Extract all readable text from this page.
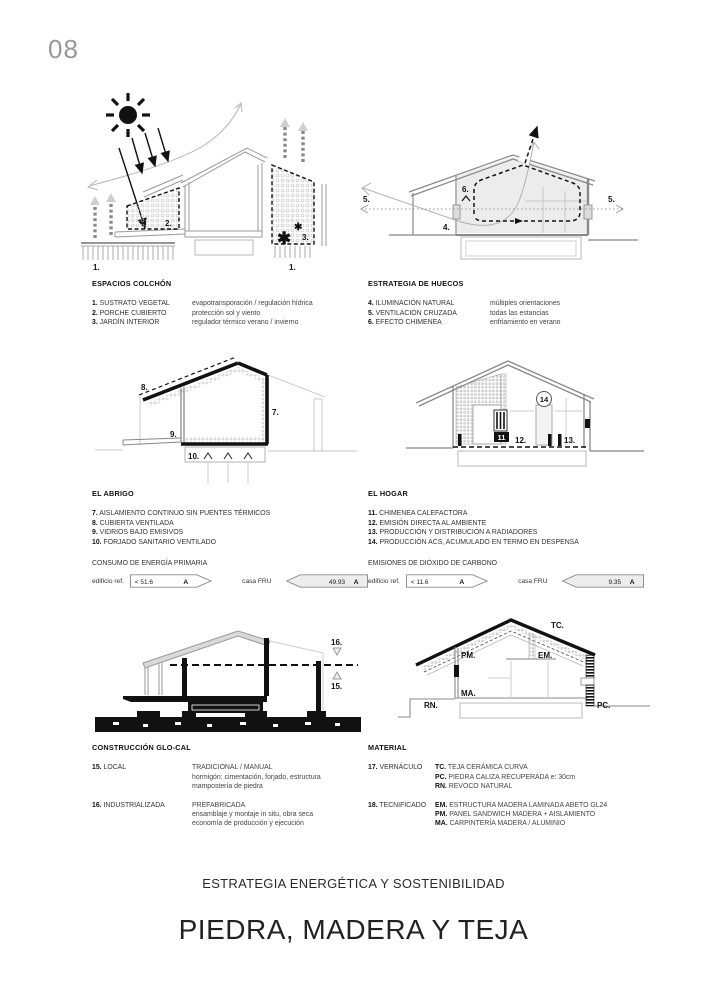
08
✱
✱
1.	1.
2.
3.
5.	5.
4.
6.
8.
7.
9.
10.
11
14
12.	13.
16.
15.
TC.
PM.	EM.
MA.
RN.	PC.
ESPACIOS COLCHÓN
1. SUSTRATO VEGETAL	evapotransporación / regulación hídrica
2. PORCHE CUBIERTO	protección sol y viento
3. JARDÍN INTERIOR	regulador térmico verano / invierno
ESTRATEGIA DE HUECOS
4. ILUMINACIÓN NATURAL	múltiples orientaciones
5. VENTILACIÓN CRUZADA	todas las estancias
6. EFECTO CHIMENEA	enfriamiento en verano
EL ABRIGO
7. AISLAMIENTO CONTINUO SIN PUENTES TÉRMICOS
8. CUBIERTA VENTILADA
9. VIDRIOS BAJO EMISIVOS
10. FORJADO SANITARIO VENTILADO
CONSUMO DE ENERGÍA PRIMARIA
edificio ref.	< 51.6	A	casa FRU	49.93 A
EL HOGAR
11. CHIMENEA CALEFACTORA
12. EMISIÓN DIRECTA AL AMBIENTE
13. PRODUCCIÓN Y DISTRIBUCIÓN A RADIADORES
14. PRODUCCIÓN ACS, ACUMULADO EN TERMO EN DESPENSA
EMISIONES DE DIÓXIDO DE CARBONO
edificio ref.	< 11.6	A	casa FRU	9.35 A
CONSTRUCCIÓN GLO-CAL
15. LOCAL	TRADICIONAL / MANUAL
hormigón: cimentación, forjado, estructura
mampostería de piedra
16. INDUSTRIALIZADA	PREFABRICADA
ensamblaje y montaje in situ, obra seca
economía de producción y ejecución
MATERIAL
17. VERNÁCULO	TC. TEJA CERÁMICA CURVA
PC. PIEDRA CALIZA RECUPERADA e: 30cm
RN. REVOCO NATURAL
18. TECNIFICADO	EM. ESTRUCTURA MADERA LAMINADA ABETO GL24
PM. PANEL SANDWICH MADERA + AISLAMIENTO
MA. CARPINTERÍA MADERA / ALUMINIO
ESTRATEGIA ENERGÉTICA Y SOSTENIBILIDAD
PIEDRA, MADERA Y TEJA
